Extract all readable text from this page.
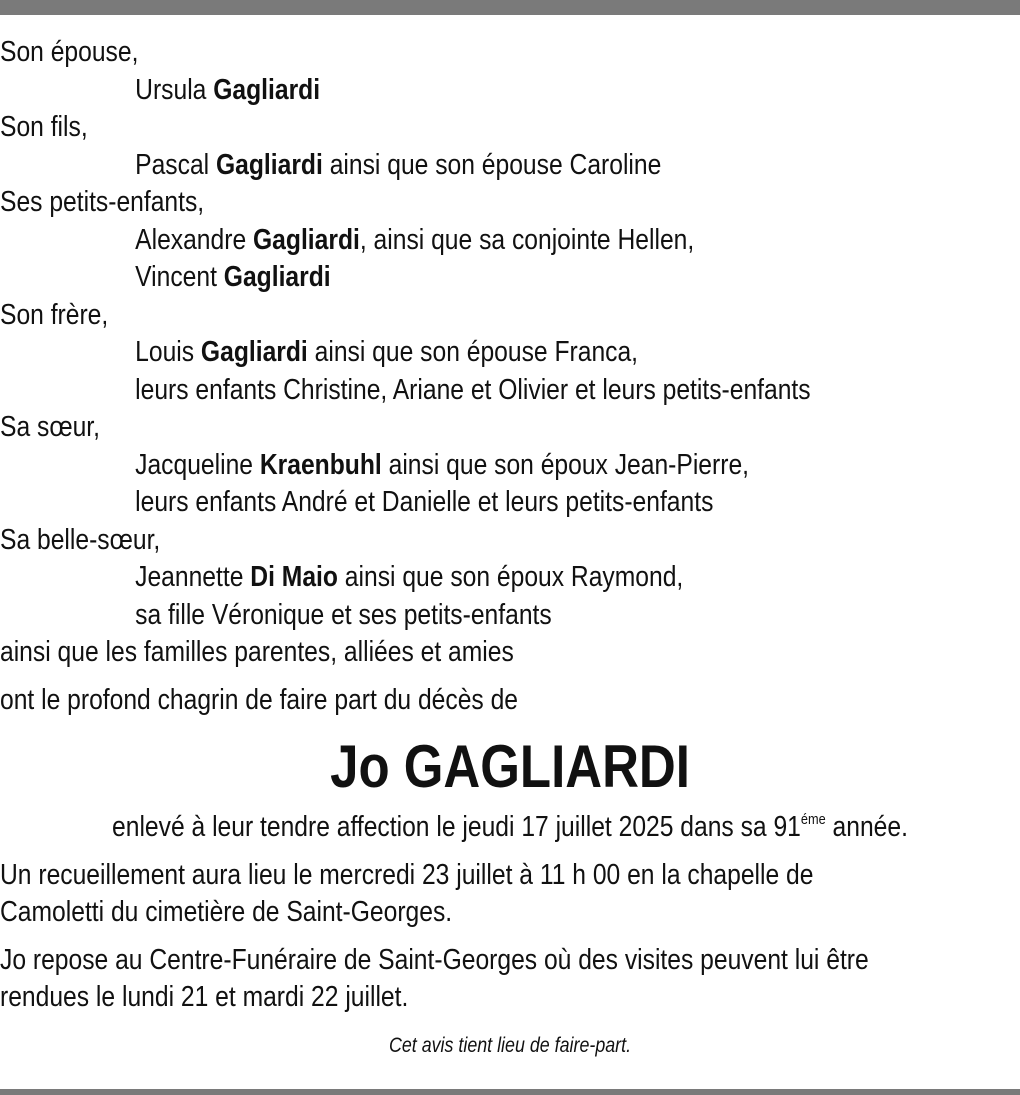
Son épouse,
Ursula Gagliardi
Son fils,
Pascal Gagliardi ainsi que son épouse Caroline
Ses petits-enfants,
Alexandre Gagliardi, ainsi que sa conjointe Hellen,
Vincent Gagliardi
Son frère,
Louis Gagliardi ainsi que son épouse Franca,
leurs enfants Christine, Ariane et Olivier et leurs petits-enfants
Sa sœur,
Jacqueline Kraenbuhl ainsi que son époux Jean-Pierre,
leurs enfants André et Danielle et leurs petits-enfants
Sa belle-sœur,
Jeannette Di Maio ainsi que son époux Raymond,
sa fille Véronique et ses petits-enfants
ainsi que les familles parentes, alliées et amies
ont le profond chagrin de faire part du décès de
Jo GAGLIARDI
enlevé à leur tendre affection le jeudi 17 juillet 2025 dans sa $91^{éme}$ année.
Un recueillement aura lieu le mercredi 23 juillet à 11 h 00 en la chapelle de
Camoletti du cimetière de Saint-Georges.
Jo repose au Centre-Funéraire de Saint-Georges où des visites peuvent lui être
rendues le lundi 21 et mardi 22 juillet.
Cet avis tient lieu de faire-part.
